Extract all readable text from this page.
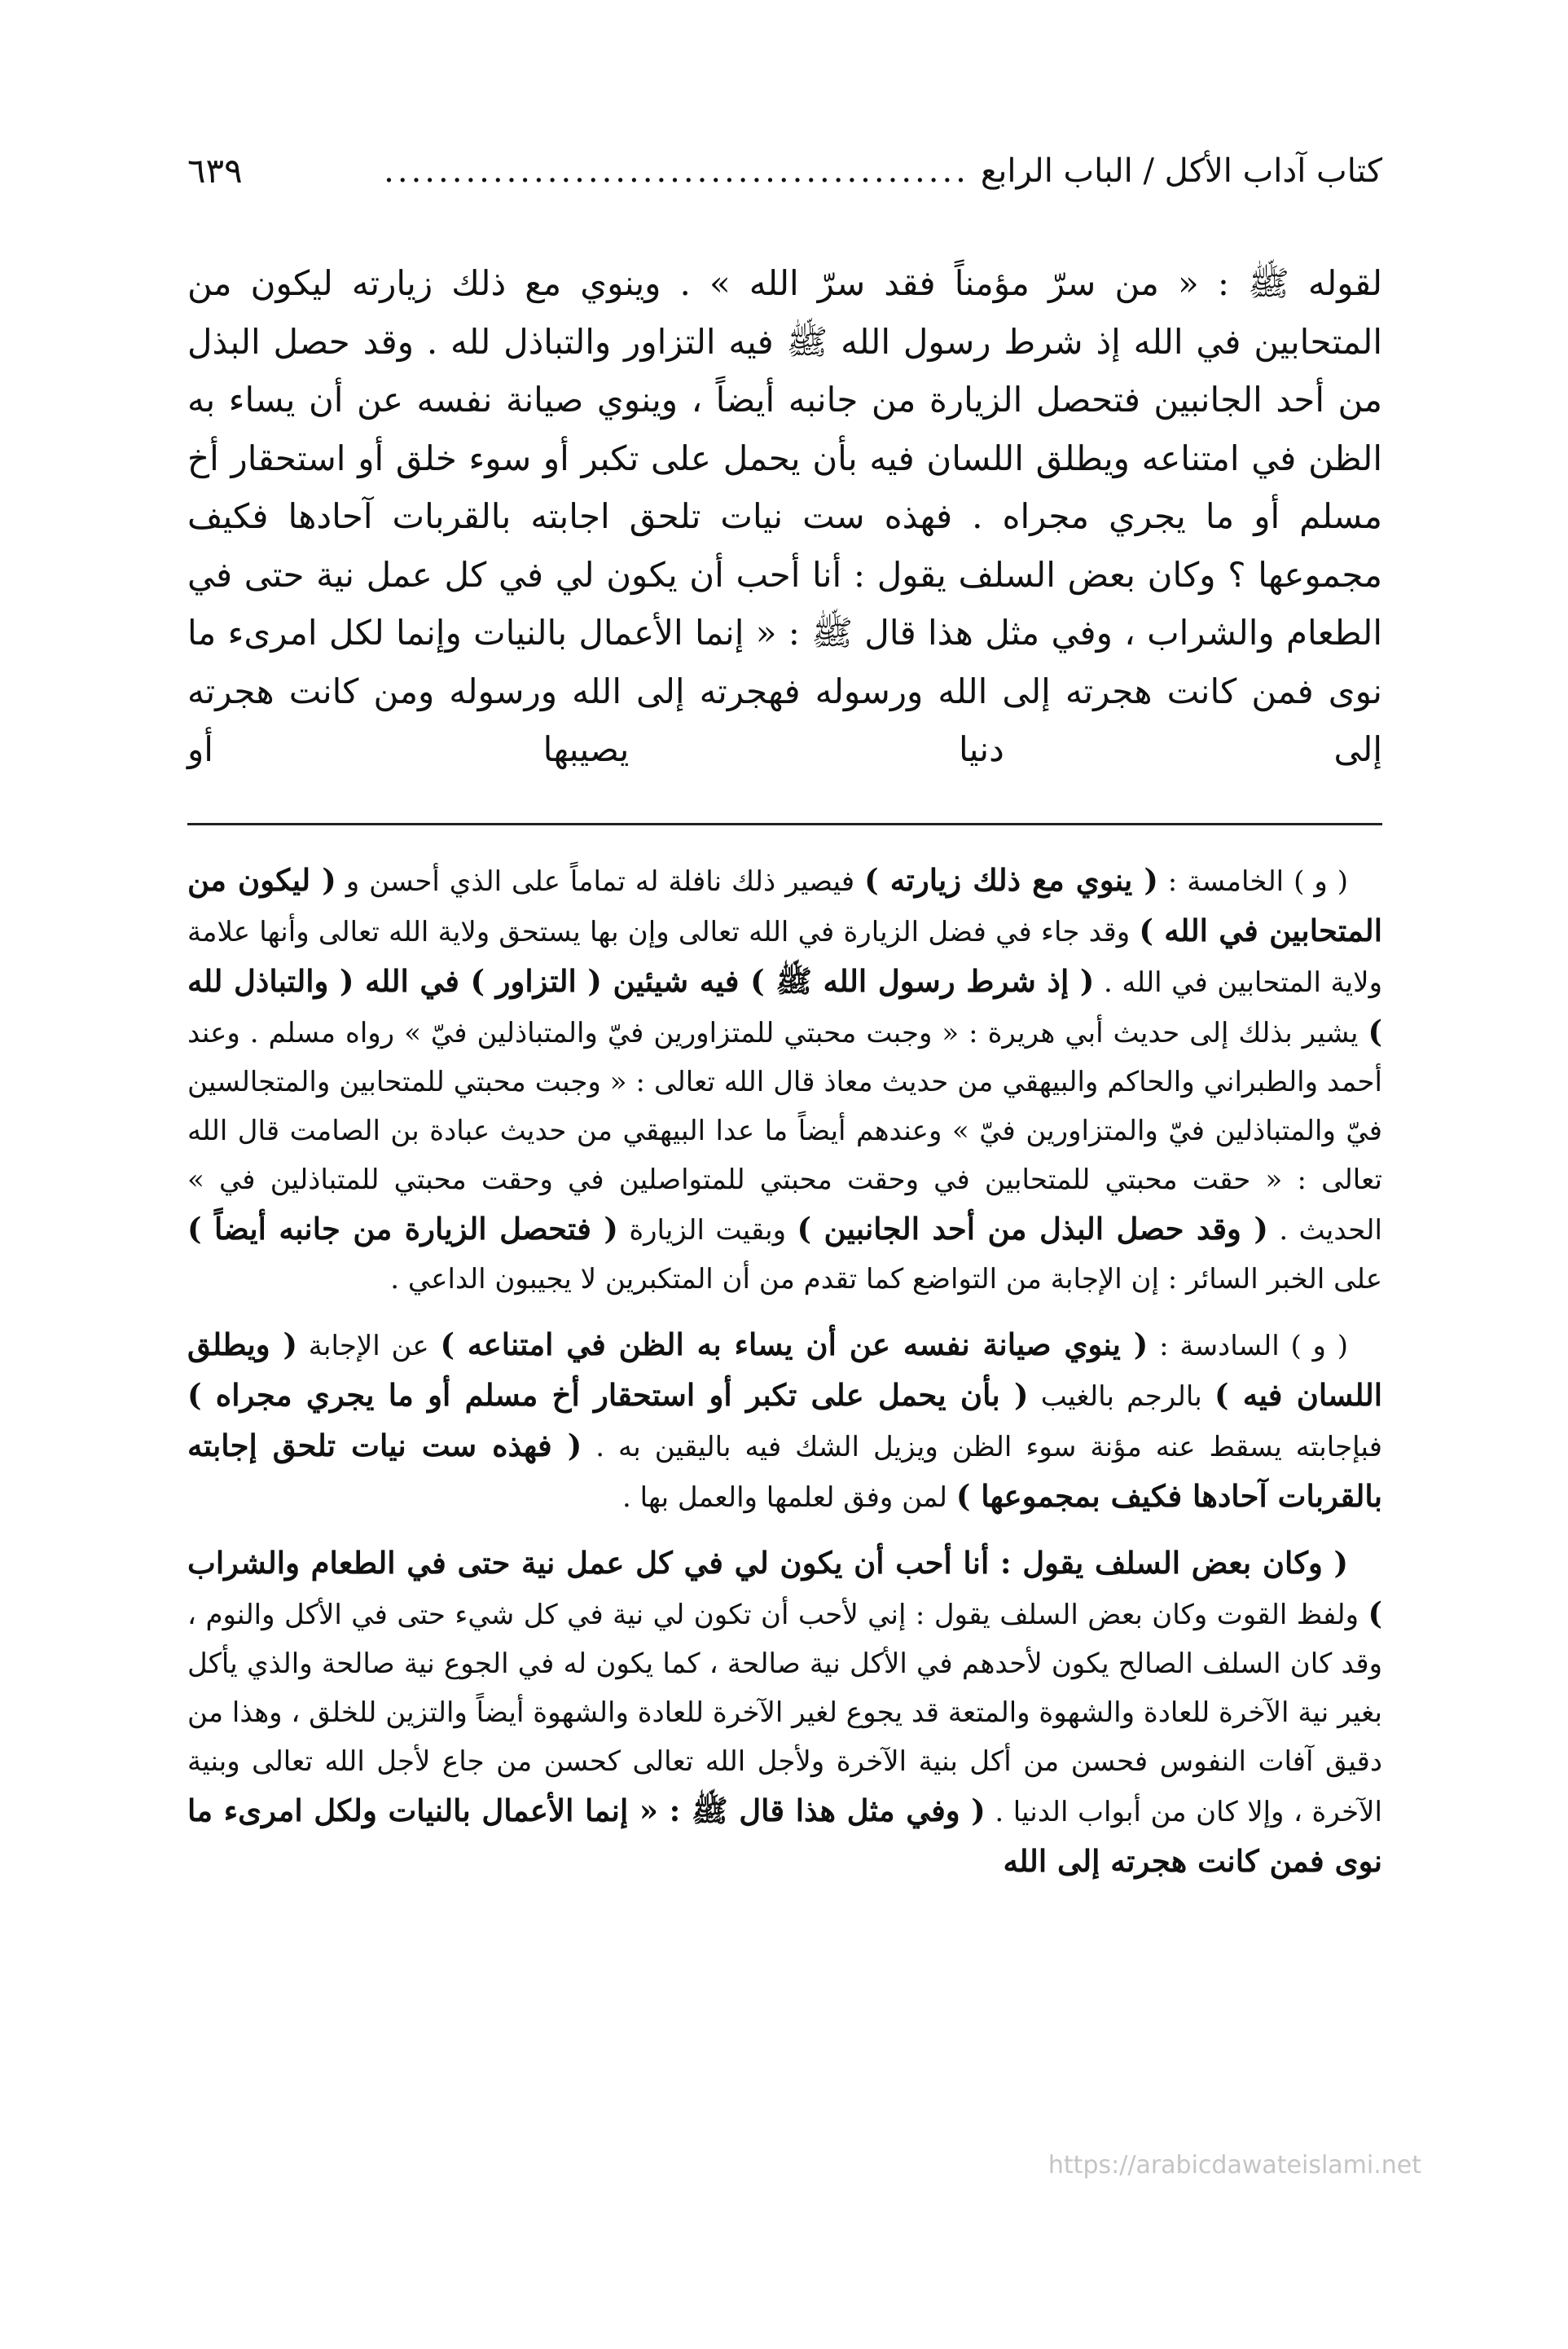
كتاب آداب الأكل / الباب الرابع
...........................................
٦٣٩

لقوله ﷺ : « من سرّ مؤمناً فقد سرّ الله » . وينوي مع ذلك زيارته ليكون من المتحابين في الله إذ شرط رسول الله ﷺ فيه التزاور والتباذل لله . وقد حصل البذل من أحد الجانبين فتحصل الزيارة من جانبه أيضاً ، وينوي صيانة نفسه عن أن يساء به الظن في امتناعه ويطلق اللسان فيه بأن يحمل على تكبر أو سوء خلق أو استحقار أخ مسلم أو ما يجري مجراه . فهذه ست نيات تلحق اجابته بالقربات آحادها فكيف مجموعها ؟ وكان بعض السلف يقول : أنا أحب أن يكون لي في كل عمل نية حتى في الطعام والشراب ، وفي مثل هذا قال ﷺ : « إنما الأعمال بالنيات وإنما لكل امرىء ما نوى فمن كانت هجرته إلى الله ورسوله فهجرته إلى الله ورسوله ومن كانت هجرته إلى دنيا يصيبها أو

( و ) الخامسة : ( ينوي مع ذلك زيارته ) فيصير ذلك نافلة له تماماً على الذي أحسن و ( ليكون من المتحابين في الله ) وقد جاء في فضل الزيارة في الله تعالى وإن بها يستحق ولاية الله تعالى وأنها علامة ولاية المتحابين في الله . ( إذ شرط رسول الله ﷺ ) فيه شيئين ( التزاور ) في الله ( والتباذل لله ) يشير بذلك إلى حديث أبي هريرة : « وجبت محبتي للمتزاورين فيّ والمتباذلين فيّ » رواه مسلم . وعند أحمد والطبراني والحاكم والبيهقي من حديث معاذ قال الله تعالى : « وجبت محبتي للمتحابين والمتجالسين فيّ والمتباذلين فيّ والمتزاورين فيّ » وعندهم أيضاً ما عدا البيهقي من حديث عبادة بن الصامت قال الله تعالى : « حقت محبتي للمتحابين في وحقت محبتي للمتواصلين في وحقت محبتي للمتباذلين في » الحديث . ( وقد حصل البذل من أحد الجانبين ) وبقيت الزيارة ( فتحصل الزيارة من جانبه أيضاً ) على الخبر السائر : إن الإجابة من التواضع كما تقدم من أن المتكبرين لا يجيبون الداعي .

( و ) السادسة : ( ينوي صيانة نفسه عن أن يساء به الظن في امتناعه ) عن الإجابة ( ويطلق اللسان فيه ) بالرجم بالغيب ( بأن يحمل على تكبر أو استحقار أخ مسلم أو ما يجري مجراه ) فبإجابته يسقط عنه مؤنة سوء الظن ويزيل الشك فيه باليقين به . ( فهذه ست نيات تلحق إجابته بالقربات آحادها فكيف بمجموعها ) لمن وفق لعلمها والعمل بها .

( وكان بعض السلف يقول : أنا أحب أن يكون لي في كل عمل نية حتى في الطعام والشراب ) ولفظ القوت وكان بعض السلف يقول : إني لأحب أن تكون لي نية في كل شيء حتى في الأكل والنوم ، وقد كان السلف الصالح يكون لأحدهم في الأكل نية صالحة ، كما يكون له في الجوع نية صالحة والذي يأكل بغير نية الآخرة للعادة والشهوة والمتعة قد يجوع لغير الآخرة للعادة والشهوة أيضاً والتزين للخلق ، وهذا من دقيق آفات النفوس فحسن من أكل بنية الآخرة ولأجل الله تعالى كحسن من جاع لأجل الله تعالى وبنية الآخرة ، وإلا كان من أبواب الدنيا . ( وفي مثل هذا قال ﷺ : « إنما الأعمال بالنيات ولكل امرىء ما نوى فمن كانت هجرته إلى الله

https://arabicdawateislami.net
